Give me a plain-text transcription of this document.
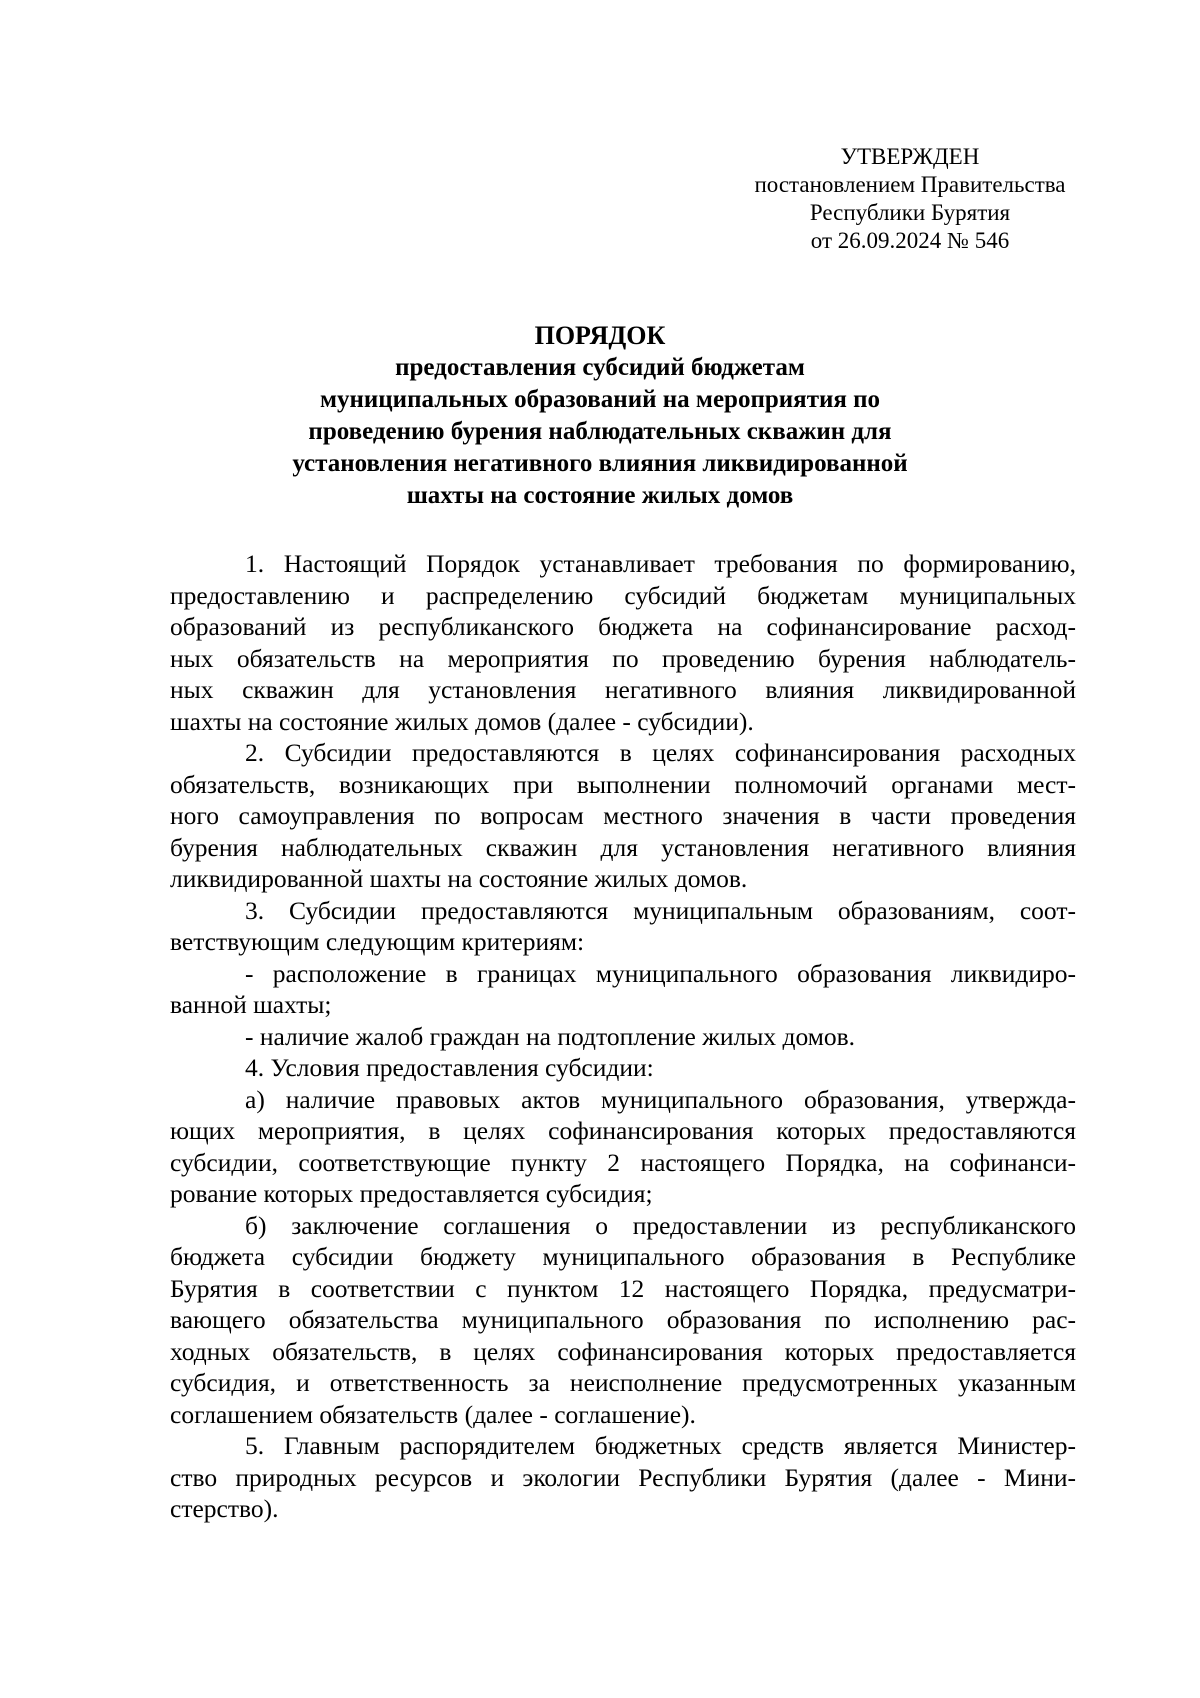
УТВЕРЖДЕН
постановлением Правительства
Республики Бурятия
от 26.09.2024 № 546
ПОРЯДОК
предоставления субсидий бюджетам
муниципальных образований на мероприятия по
проведению бурения наблюдательных скважин для
установления негативного влияния ликвидированной
шахты на состояние жилых домов
1. Настоящий Порядок устанавливает требования по формированию,
предоставлению и распределению субсидий бюджетам муниципальных
образований из республиканского бюджета на софинансирование расход-
ных обязательств на мероприятия по проведению бурения наблюдатель-
ных скважин для установления негативного влияния ликвидированной
шахты на состояние жилых домов (далее - субсидии).
2. Субсидии предоставляются в целях софинансирования расходных
обязательств, возникающих при выполнении полномочий органами мест-
ного самоуправления по вопросам местного значения в части проведения
бурения наблюдательных скважин для установления негативного влияния
ликвидированной шахты на состояние жилых домов.
3. Субсидии предоставляются муниципальным образованиям, соот-
ветствующим следующим критериям:
- расположение в границах муниципального образования ликвидиро-
ванной шахты;
- наличие жалоб граждан на подтопление жилых домов.
4. Условия предоставления субсидии:
а) наличие правовых актов муниципального образования, утвержда-
ющих мероприятия, в целях софинансирования которых предоставляются
субсидии, соответствующие пункту 2 настоящего Порядка, на софинанси-
рование которых предоставляется субсидия;
б) заключение соглашения о предоставлении из республиканского
бюджета субсидии бюджету муниципального образования в Республике
Бурятия в соответствии с пунктом 12 настоящего Порядка, предусматри-
вающего обязательства муниципального образования по исполнению рас-
ходных обязательств, в целях софинансирования которых предоставляется
субсидия, и ответственность за неисполнение предусмотренных указанным
соглашением обязательств (далее - соглашение).
5. Главным распорядителем бюджетных средств является Министер-
ство природных ресурсов и экологии Республики Бурятия (далее - Мини-
стерство).
